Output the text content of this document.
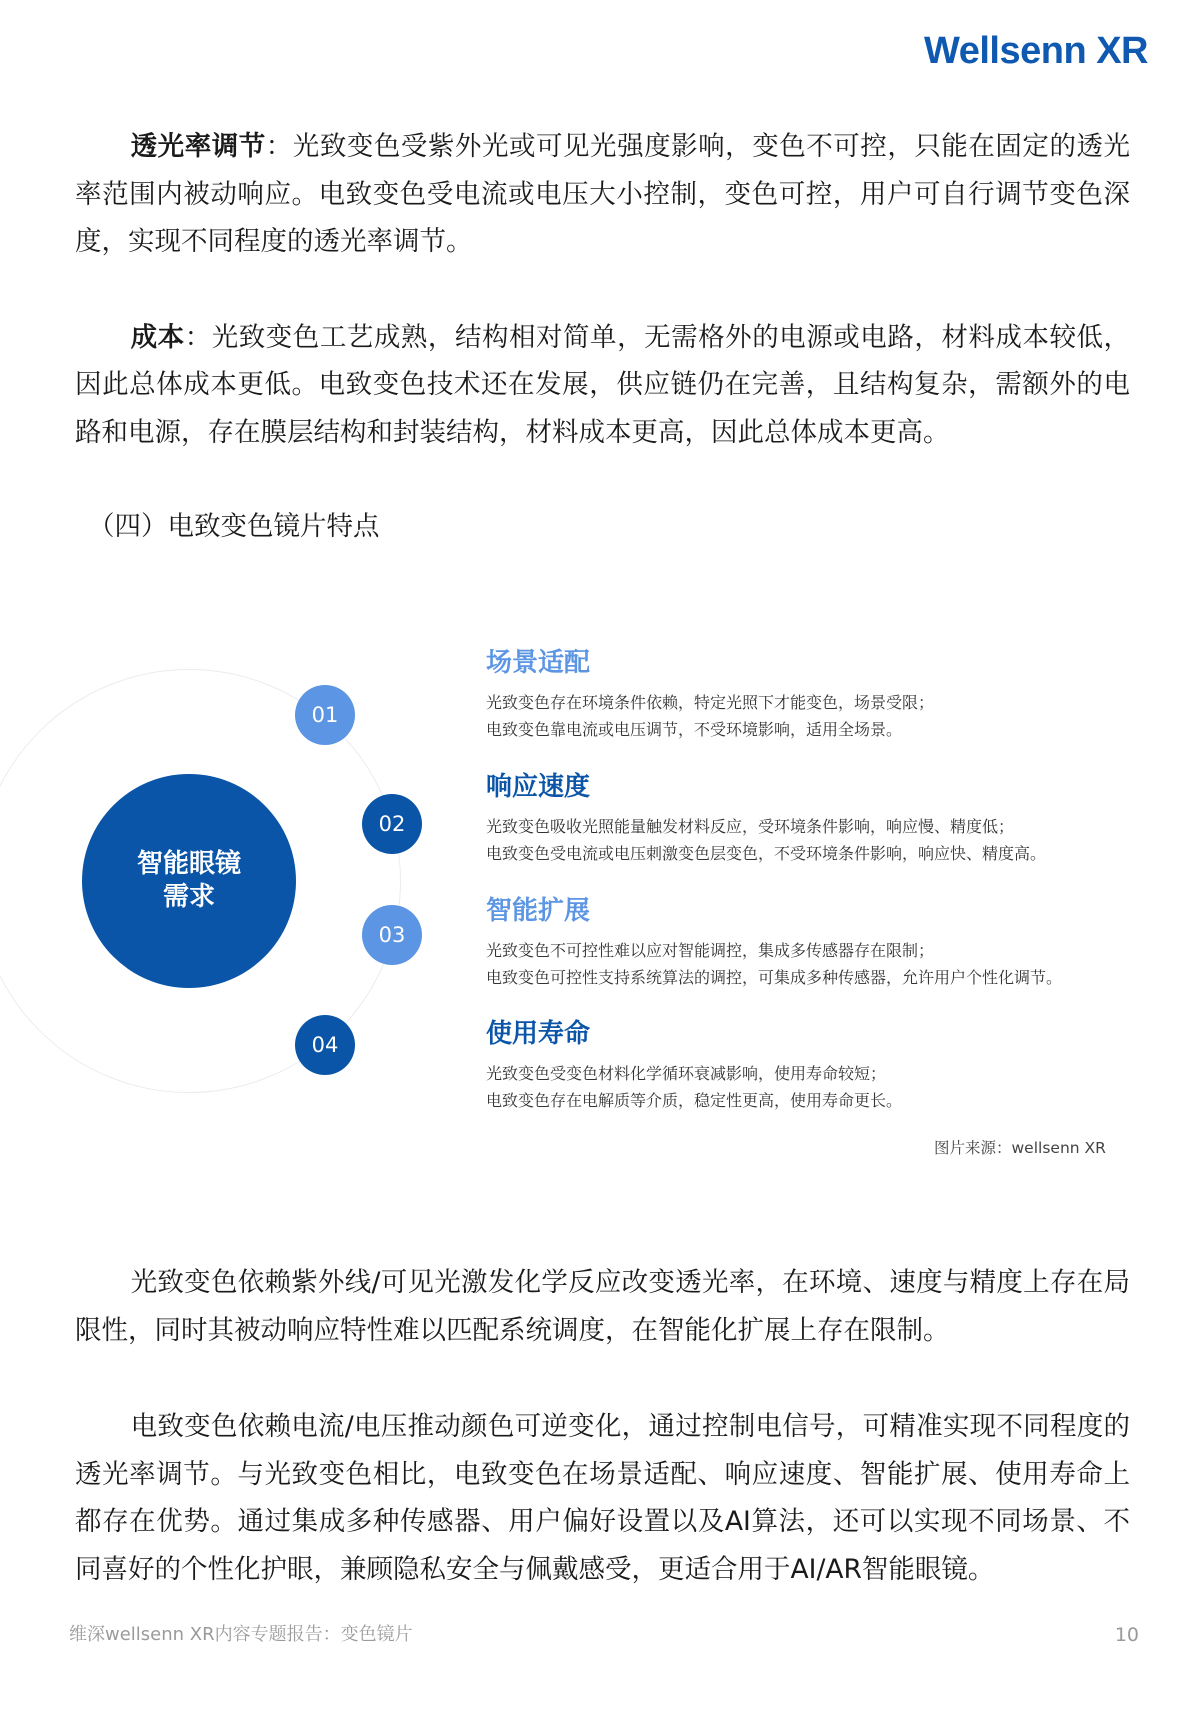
Wellsenn XR

透光率调节：光致变色受紫外光或可见光强度影响，变色不可控，只能在固定的透光率范围内被动响应。电致变色受电流或电压大小控制，变色可控，用户可自行调节变色深度，实现不同程度的透光率调节。

成本：光致变色工艺成熟，结构相对简单，无需格外的电源或电路，材料成本较低，因此总体成本更低。电致变色技术还在发展，供应链仍在完善，且结构复杂，需额外的电路和电源，存在膜层结构和封装结构，材料成本更高，因此总体成本更高。

（四）电致变色镜片特点
智能眼镜
需求
01
02
03
04
场景适配
光致变色存在环境条件依赖，特定光照下才能变色，场景受限；
电致变色靠电流或电压调节，不受环境影响，适用全场景。
响应速度
光致变色吸收光照能量触发材料反应，受环境条件影响，响应慢、精度低；
电致变色受电流或电压刺激变色层变色，不受环境条件影响，响应快、精度高。
智能扩展
光致变色不可控性难以应对智能调控，集成多传感器存在限制；
电致变色可控性支持系统算法的调控，可集成多种传感器，允许用户个性化调节。
使用寿命
光致变色受变色材料化学循环衰减影响，使用寿命较短；
电致变色存在电解质等介质，稳定性更高，使用寿命更长。
图片来源：wellsenn XR

光致变色依赖紫外线/可见光激发化学反应改变透光率，在环境、速度与精度上存在局限性，同时其被动响应特性难以匹配系统调度，在智能化扩展上存在限制。

电致变色依赖电流/电压推动颜色可逆变化，通过控制电信号，可精准实现不同程度的透光率调节。与光致变色相比，电致变色在场景适配、响应速度、智能扩展、使用寿命上都存在优势。通过集成多种传感器、用户偏好设置以及AI算法，还可以实现不同场景、不同喜好的个性化护眼，兼顾隐私安全与佩戴感受，更适合用于AI/AR智能眼镜。

维深wellsenn XR内容专题报告：变色镜片	10
